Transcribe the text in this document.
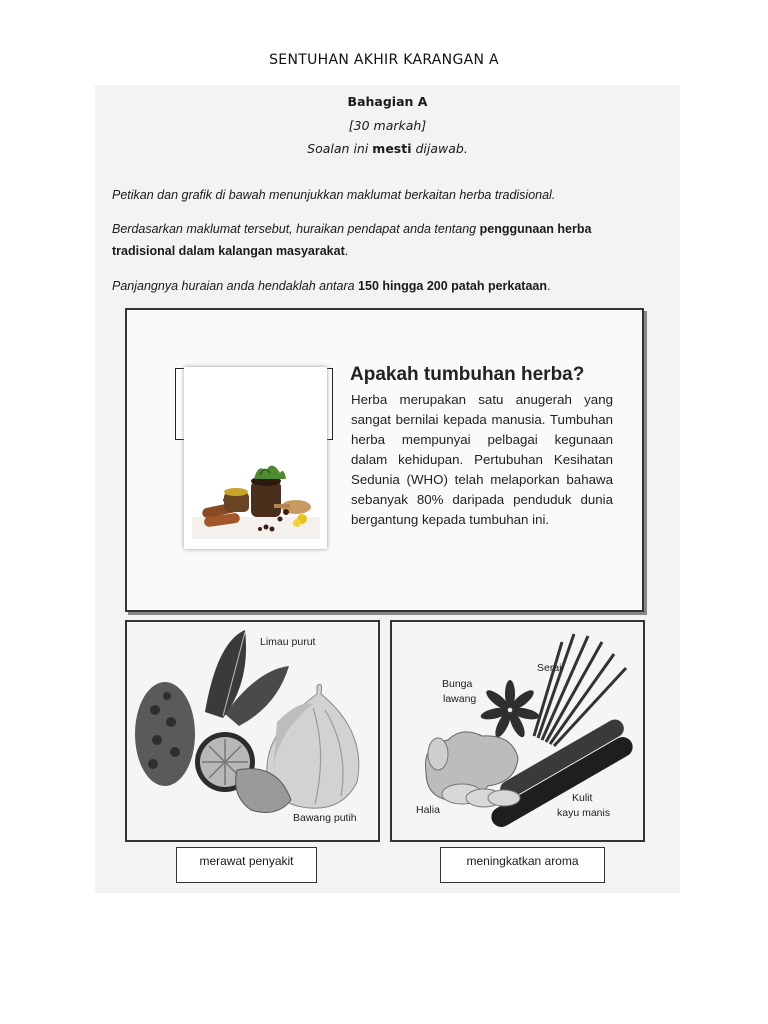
SENTUHAN AKHIR KARANGAN A
Bahagian A
[30 markah]
Soalan ini mesti dijawab.
Petikan dan grafik di bawah menunjukkan maklumat berkaitan herba tradisional.
Berdasarkan maklumat tersebut, huraikan pendapat anda tentang penggunaan herba tradisional dalam kalangan masyarakat.
Panjangnya huraian anda hendaklah antara 150 hingga 200 patah perkataan.
Apakah tumbuhan herba?
Herba merupakan satu anugerah yang sangat bernilai kepada manusia. Tumbuhan herba mempunyai pelbagai kegunaan dalam kehidupan. Pertubuhan Kesihatan Sedunia (WHO) telah melaporkan bahawa sebanyak 80% daripada penduduk dunia bergantung kepada tumbuhan ini.
Limau purut
Bawang putih
Serai
Bunga
lawang
Halia
Kulit
kayu manis
merawat penyakit	meningkatkan aroma
